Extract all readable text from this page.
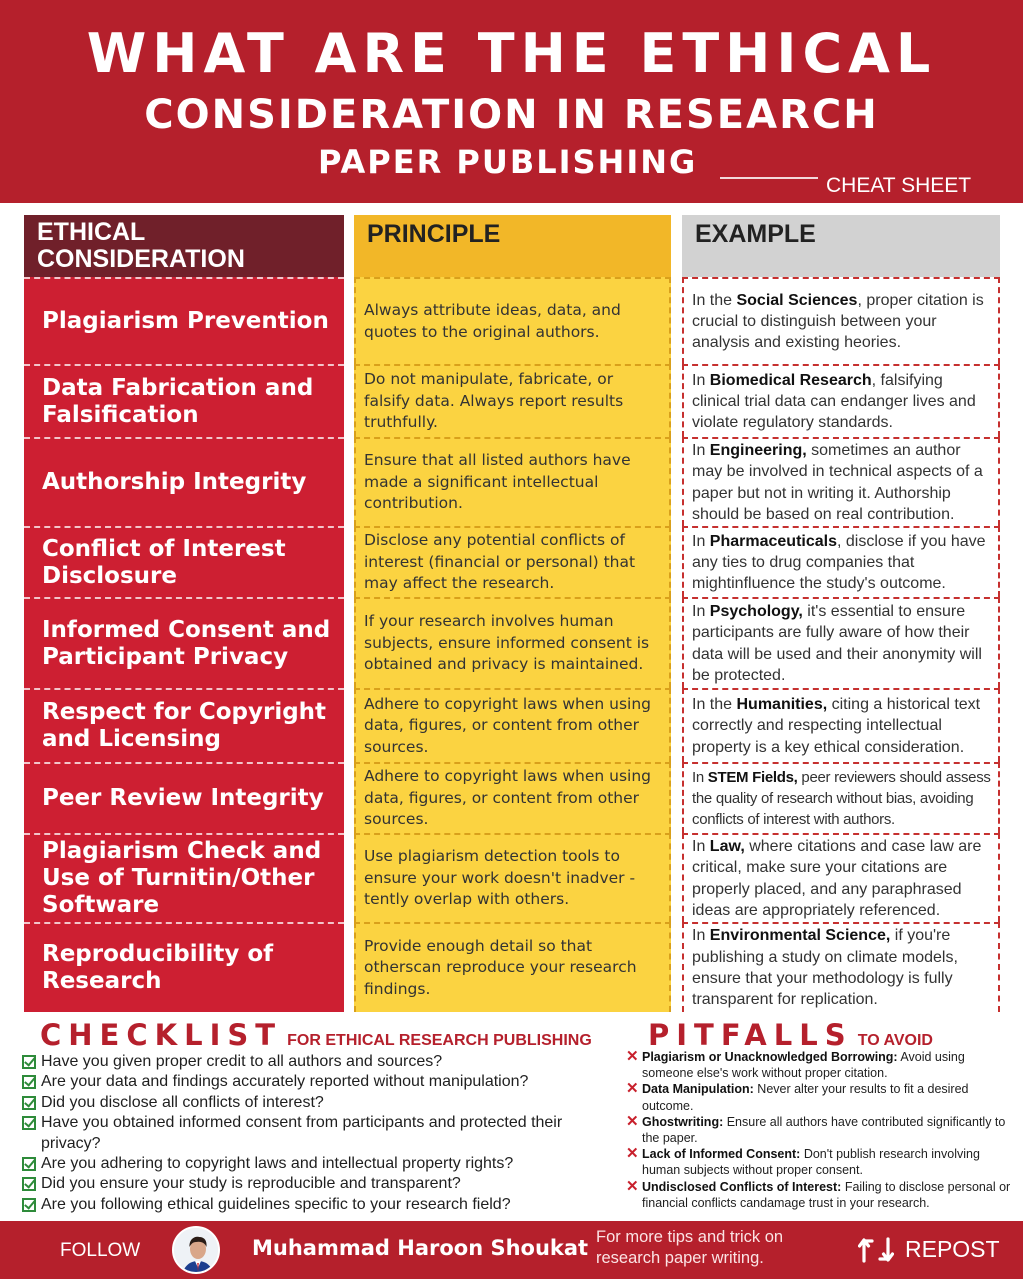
WHAT ARE THE ETHICAL
CONSIDERATION IN RESEARCH
PAPER PUBLISHING
CHEAT SHEET
ETHICAL CONSIDERATION
Plagiarism Prevention
Data Fabrication and Falsification
Authorship Integrity
Conflict of Interest Disclosure
Informed Consent and Participant Privacy
Respect for Copyright and Licensing
Peer Review Integrity
Plagiarism Check and Use of Turnitin/Other Software
Reproducibility of Research
PRINCIPLE
Always attribute ideas, data, and quotes to the original authors.
Do not manipulate, fabricate, or falsify data. Always report results truthfully.
Ensure that all listed authors have made a significant intellectual contribution.
Disclose any potential conflicts of interest (financial or personal) that may affect the research.
If your research involves human subjects, ensure informed consent is obtained and privacy is maintained.
Adhere to copyright laws when using data, figures, or content from other sources.
Adhere to copyright laws when using data, figures, or content from other sources.
Use plagiarism detection tools to ensure your work doesn't inadver -tently overlap with others.
Provide enough detail so that otherscan reproduce your research findings.
EXAMPLE
In the Social Sciences, proper citation is crucial to distinguish between your analysis and existing heories.
In Biomedical Research, falsifying clinical trial data can endanger lives and violate regulatory standards.
In Engineering, sometimes an author may be involved in technical aspects of a paper but not in writing it. Authorship should be based on real contribution.
In Pharmaceuticals, disclose if you have any ties to drug companies that mightinfluence the study's outcome.
In Psychology, it's essential to ensure participants are fully aware of how their data will be used and their anonymity will be protected.
In the Humanities, citing a historical text correctly and respecting intellectual property is a key ethical consideration.
In STEM Fields, peer reviewers should assess the quality of research without bias, avoiding conflicts of interest with authors.
In Law, where citations and case law are critical, make sure your citations are properly placed, and any paraphrased ideas are appropriately referenced.
In Environmental Science, if you're publishing a study on climate models, ensure that your methodology is fully transparent for replication.
CHECKLIST FOR ETHICAL RESEARCH PUBLISHING
Have you given proper credit to all authors and sources?
Are your data and findings accurately reported without manipulation?
Did you disclose all conflicts of interest?
Have you obtained informed consent from participants and protected their privacy?
Are you adhering to copyright laws and intellectual property rights?
Did you ensure your study is reproducible and transparent?
Are you following ethical guidelines specific to your research field?
PITFALLS TO AVOID
✕ Plagiarism or Unacknowledged Borrowing: Avoid using someone else's work without proper citation.
✕ Data Manipulation: Never alter your results to fit a desired outcome.
✕ Ghostwriting: Ensure all authors have contributed significantly to the paper.
✕ Lack of Informed Consent: Don't publish research involving human subjects without proper consent.
✕ Undisclosed Conflicts of Interest: Failing to disclose personal or financial conflicts candamage trust in your research.
FOLLOW	Muhammad Haroon Shoukat For more tips and trick on research paper writing.	REPOST
